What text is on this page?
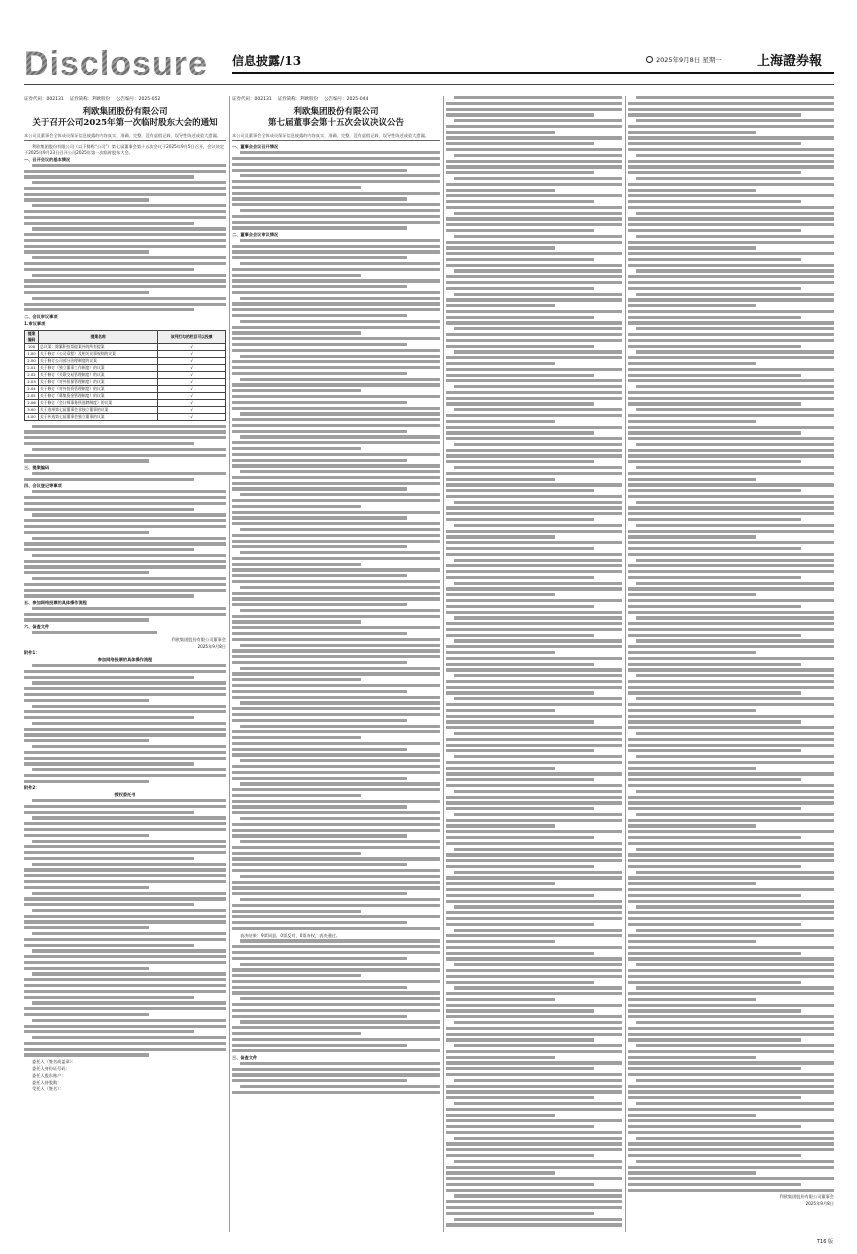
Disclosure	信息披露/13	2025年9月8日 星期一	上海證券報
证券代码：002131 证券简称：利欧股份 公告编号：2025-052
利欧集团股份有限公司
关于召开公司2025年第一次临时股东大会的通知
本公司及董事会全体成员保证信息披露的内容真实、准确、完整，没有虚假记载、误导性陈述或重大遗漏。
利欧集团股份有限公司（以下简称“公司”）第七届董事会第十五次会议于2025年9月5日召开，会议决定于2025年9月23日召开公司2025年第一次临时股东大会。
一、召开会议的基本情况
二、会议审议事项
1.审议事项
提案编码	提案名称	该列打勾的栏目可以投票
100	总议案：除累积投票提案外的所有提案	√
1.00	关于修订《公司章程》及相关议事规则的议案	√
2.00	关于修订公司部分治理制度的议案	√
2.01	关于修订《独立董事工作制度》的议案	√
2.02	关于修订《关联交易管理制度》的议案	√
2.03	关于修订《对外担保管理制度》的议案	√
2.04	关于修订《对外投资管理制度》的议案	√
2.05	关于修订《募集资金管理制度》的议案	√
2.06	关于修订《会计师事务所选聘制度》的议案	√
3.00	关于选举第七届董事会非独立董事的议案	√
4.00	关于补选第七届董事会独立董事的议案	√
三、提案编码
四、会议登记等事项
五、参加网络投票的具体操作流程
六、备查文件
利欧集团股份有限公司董事会
2025年9月8日
附件1：
参加网络投票的具体操作流程
附件2：
授权委托书
委托人（签名或盖章）：
委托人身份证号码：
委托人股东账户：
委托人持股数：
受托人（签名）：
证券代码：002131 证券简称：利欧股份 公告编号：2025-044
利欧集团股份有限公司
第七届董事会第十五次会议决议公告
本公司及董事会全体成员保证信息披露的内容真实、准确、完整，没有虚假记载、误导性陈述或重大遗漏。
一、董事会会议召开情况
二、董事会会议审议情况
表决结果：9票同意，0票反对，0票弃权，表决通过。
三、备查文件
利欧集团股份有限公司董事会
2025年9月8日
T16 版
